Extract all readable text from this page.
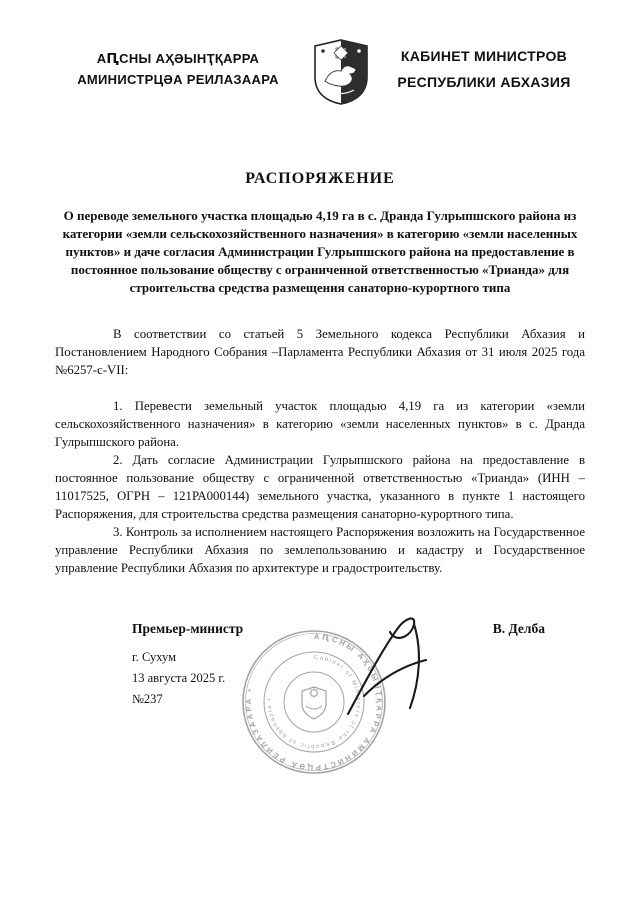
АԤСНЫ АҲӘЫНҬҚАРРА
АМИНИСТРЦӘА РЕИЛАЗААРА
КАБИНЕТ МИНИСТРОВ
РЕСПУБЛИКИ АБХАЗИЯ
РАСПОРЯЖЕНИЕ
О переводе земельного участка площадью 4,19 га в с. Дранда Гулрыпшского района из категории «земли сельскохозяйственного назначения» в категорию «земли населенных пунктов» и даче согласия Администрации Гулрыпшского района на предоставление в постоянное пользование обществу с ограниченной ответственностью «Трианда» для строительства средства размещения санаторно-курортного типа

В соответствии со статьей 5 Земельного кодекса Республики Абхазия и Постановлением Народного Собрания –Парламента Республики Абхазия от 31 июля 2025 года №6257-с-VII:

1. Перевести земельный участок площадью 4,19 га из категории «земли сельскохозяйственного назначения» в категорию «земли населенных пунктов» в с. Дранда Гулрыпшского района.

2. Дать согласие Администрации Гулрыпшского района на предоставление в постоянное пользование обществу с ограниченной ответственностью «Трианда» (ИНН – 11017525, ОГРН – 121РА000144) земельного участка, указанного в пункте 1 настоящего Распоряжения, для строительства средства размещения санаторно-курортного типа.

3. Контроль за исполнением настоящего Распоряжения возложить на Государственное управление Республики Абхазия по землепользованию и кадастру и Государственное управление Республики Абхазия по архитектуре и градостроительству.

Премьер-министр	В. Делба
г. Сухум
13 августа 2025 г.
№237
АԤСНЫ АҲӘЫНҬҚАРРА АМИНИСТРЦӘА РЕИЛАЗААРА •
Cabinet of Ministers of the Republic of Abkhazia •
